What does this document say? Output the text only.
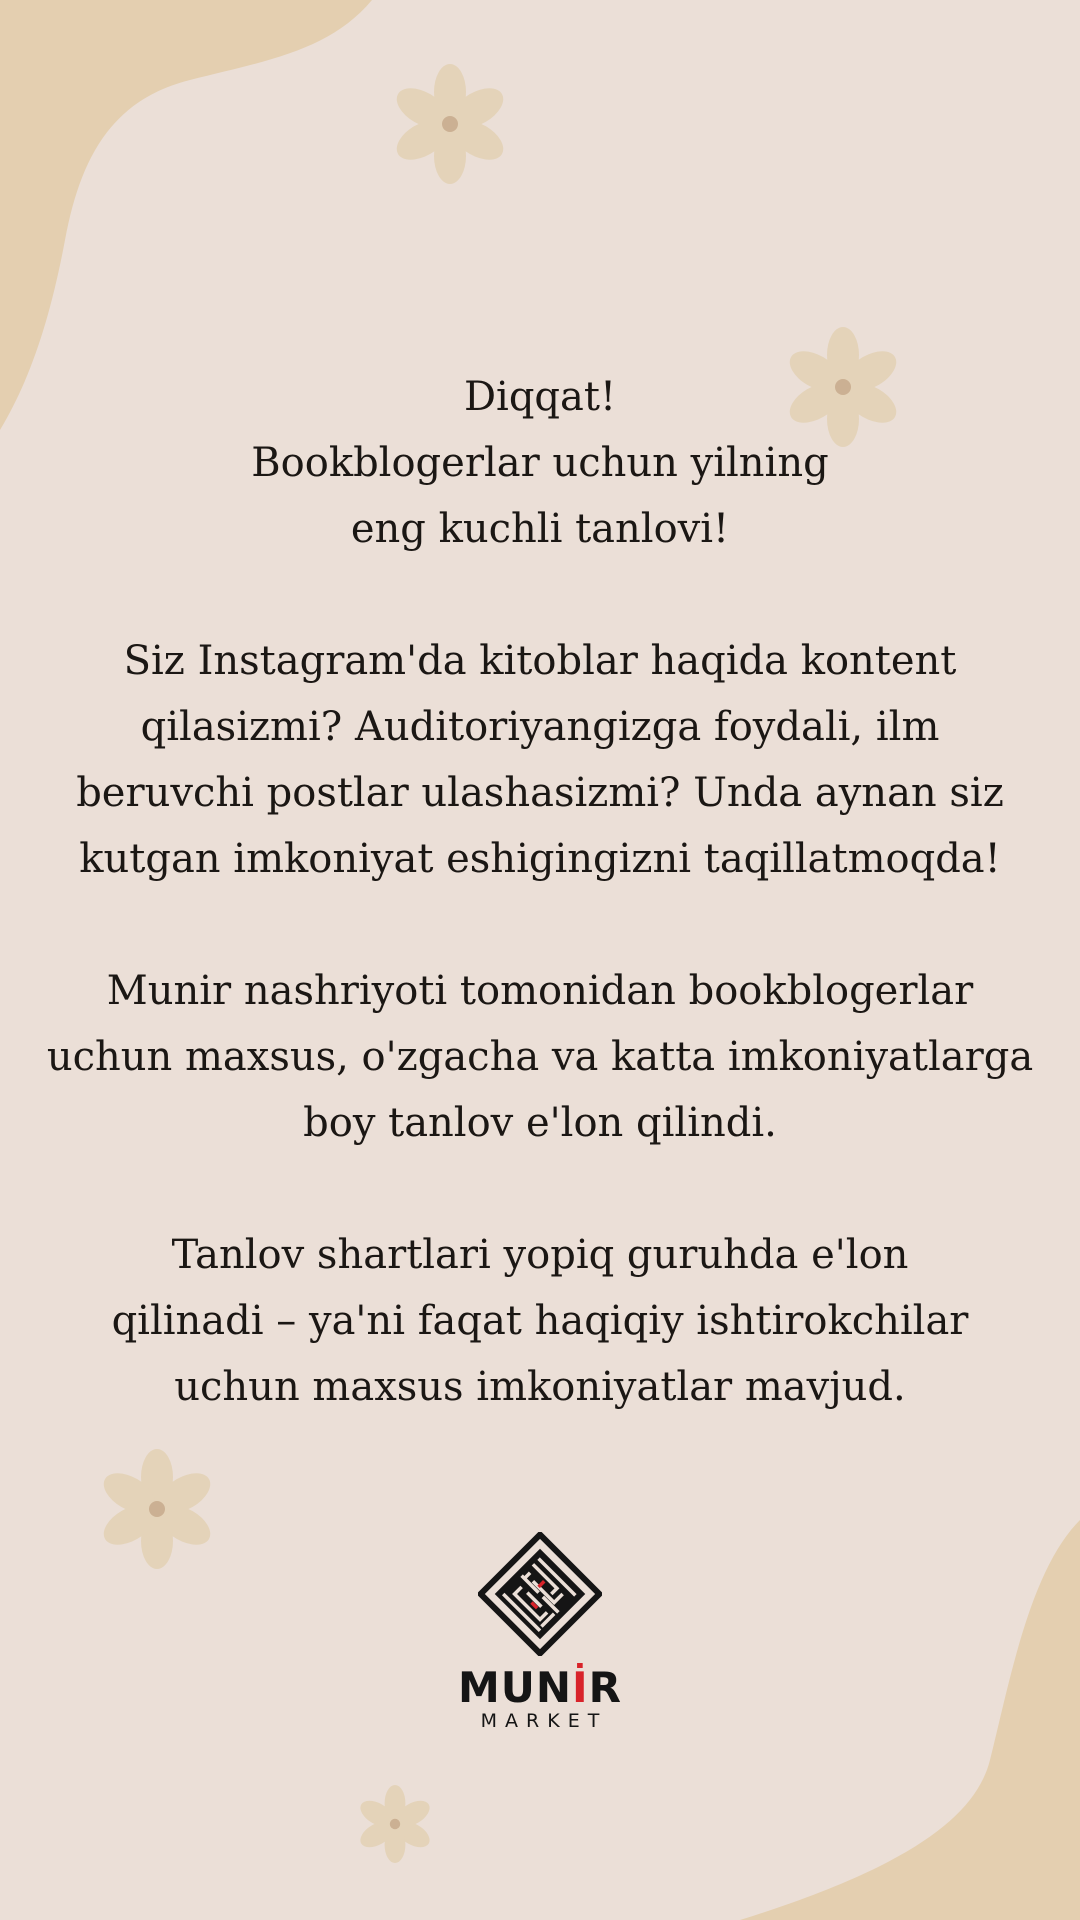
Diqqat!
Bookblogerlar uchun yilning
eng kuchli tanlovi!
Siz Instagram'da kitoblar haqida kontent
qilasizmi? Auditoriyangizga foydali, ilm
beruvchi postlar ulashasizmi? Unda aynan siz
kutgan imkoniyat eshigingizni taqillatmoqda!
Munir nashriyoti tomonidan bookblogerlar
uchun maxsus, o'zgacha va katta imkoniyatlarga
boy tanlov e'lon qilindi.
Tanlov shartlari yopiq guruhda e'lon
qilinadi – ya'ni faqat haqiqiy ishtirokchilar
uchun maxsus imkoniyatlar mavjud.
MUNİR
MARKET
